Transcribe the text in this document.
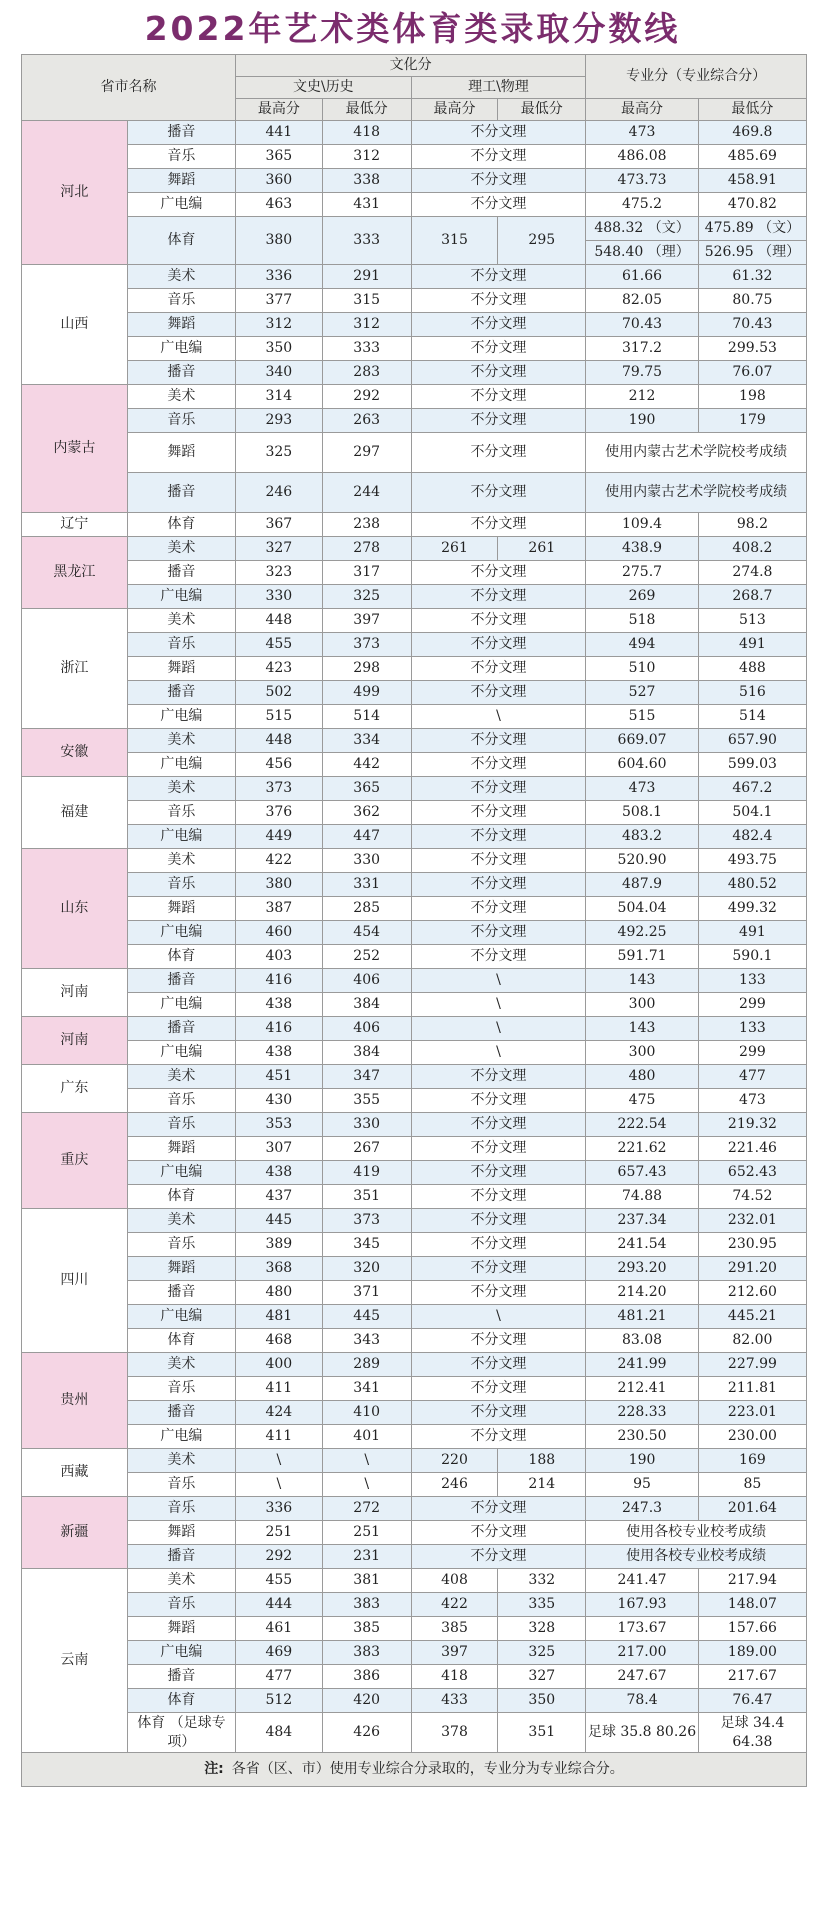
2022年艺术类体育类录取分数线
省市名称		文化分				专业分（专业综合分）	
		文史\历史		理工\物理			
		最高分	最低分	最高分	最低分	最高分	最低分
河北	播音	441	418	不分文理		473	469.8
	音乐	365	312	不分文理		486.08	485.69
	舞蹈	360	338	不分文理		473.73	458.91
	广电编	463	431	不分文理		475.2	470.82
	体育	380	333	315	295	488.32 （文）	475.89 （文）
						548.40 （理）	526.95 （理）
山西	美术	336	291	不分文理		61.66	61.32
	音乐	377	315	不分文理		82.05	80.75
	舞蹈	312	312	不分文理		70.43	70.43
	广电编	350	333	不分文理		317.2	299.53
	播音	340	283	不分文理		79.75	76.07
内蒙古	美术	314	292	不分文理		212	198
	音乐	293	263	不分文理		190	179
	舞蹈	325	297	不分文理		使用内蒙古艺术学院校考成绩	
	播音	246	244	不分文理		使用内蒙古艺术学院校考成绩	
辽宁	体育	367	238	不分文理		109.4	98.2
黑龙江	美术	327	278	261	261	438.9	408.2
	播音	323	317	不分文理		275.7	274.8
	广电编	330	325	不分文理		269	268.7
浙江	美术	448	397	不分文理		518	513
	音乐	455	373	不分文理		494	491
	舞蹈	423	298	不分文理		510	488
	播音	502	499	不分文理		527	516
	广电编	515	514	\		515	514
安徽	美术	448	334	不分文理		669.07	657.90
	广电编	456	442	不分文理		604.60	599.03
福建	美术	373	365	不分文理		473	467.2
	音乐	376	362	不分文理		508.1	504.1
	广电编	449	447	不分文理		483.2	482.4
山东	美术	422	330	不分文理		520.90	493.75
	音乐	380	331	不分文理		487.9	480.52
	舞蹈	387	285	不分文理		504.04	499.32
	广电编	460	454	不分文理		492.25	491
	体育	403	252	不分文理		591.71	590.1
河南	播音	416	406	\		143	133
	广电编	438	384	\		300	299
河南	播音	416	406	\		143	133
	广电编	438	384	\		300	299
广东	美术	451	347	不分文理		480	477
	音乐	430	355	不分文理		475	473
重庆	音乐	353	330	不分文理		222.54	219.32
	舞蹈	307	267	不分文理		221.62	221.46
	广电编	438	419	不分文理		657.43	652.43
	体育	437	351	不分文理		74.88	74.52
四川	美术	445	373	不分文理		237.34	232.01
	音乐	389	345	不分文理		241.54	230.95
	舞蹈	368	320	不分文理		293.20	291.20
	播音	480	371	不分文理		214.20	212.60
	广电编	481	445	\		481.21	445.21
	体育	468	343	不分文理		83.08	82.00
贵州	美术	400	289	不分文理		241.99	227.99
	音乐	411	341	不分文理		212.41	211.81
	播音	424	410	不分文理		228.33	223.01
	广电编	411	401	不分文理		230.50	230.00
西藏	美术	\	\	220	188	190	169
	音乐	\	\	246	214	95	85
新疆	音乐	336	272	不分文理		247.3	201.64
	舞蹈	251	251	不分文理		使用各校专业校考成绩	
	播音	292	231	不分文理		使用各校专业校考成绩	
云南	美术	455	381	408	332	241.47	217.94
	音乐	444	383	422	335	167.93	148.07
	舞蹈	461	385	385	328	173.67	157.66
	广电编	469	383	397	325	217.00	189.00
	播音	477	386	418	327	247.67	217.67
	体育	512	420	433	350	78.4	76.47
	体育 （足球专项）	484	426	378	351	足球 35.8 80.26	足球 34.4 64.38
注: 各省（区、市）使用专业综合分录取的，专业分为专业综合分。							
